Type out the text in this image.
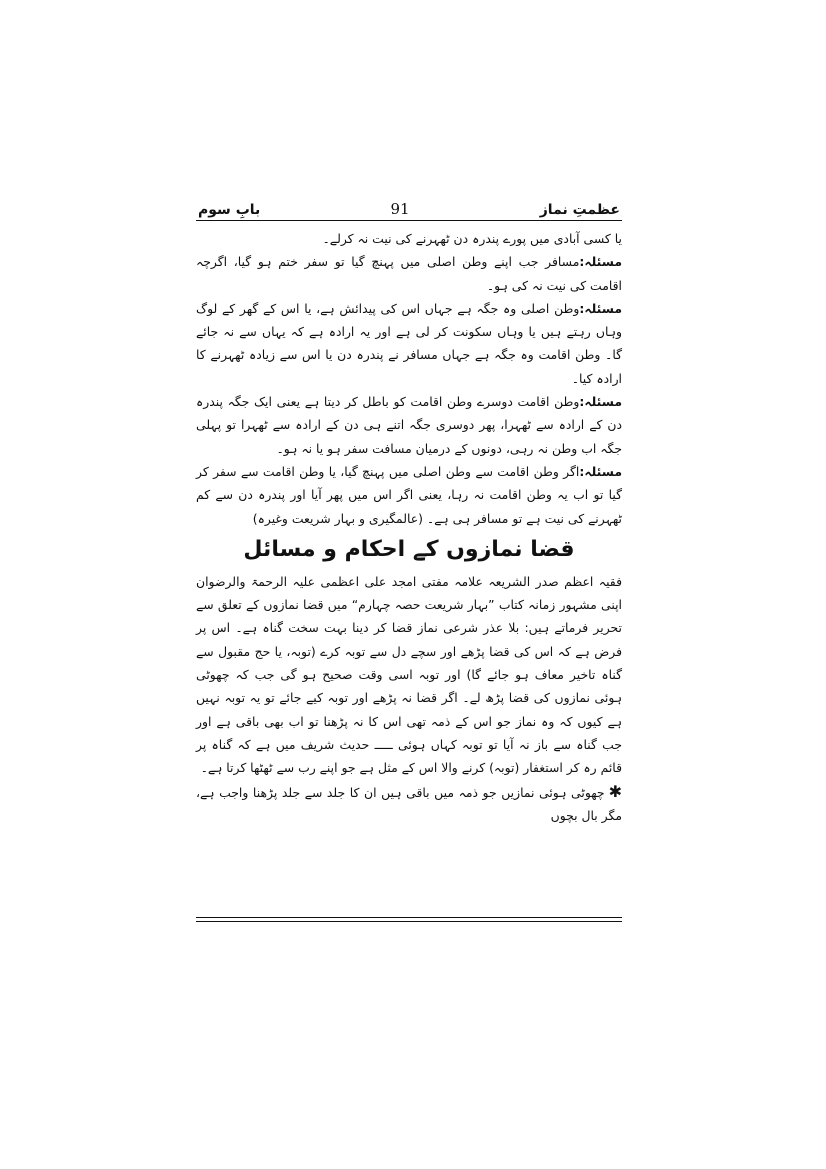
عظمتِ نماز
91
بابِ سوم

یا کسی آبادی میں پورے پندرہ دن ٹھہرنے کی نیت نہ کرلے۔

مسئلہ:مسافر جب اپنے وطن اصلی میں پہنچ گیا تو سفر ختم ہو گیا، اگرچہ اقامت کی نیت نہ کی ہو۔

مسئلہ:وطن اصلی وہ جگہ ہے جہاں اس کی پیدائش ہے، یا اس کے گھر کے لوگ وہاں رہتے ہیں یا وہاں سکونت کر لی ہے اور یہ ارادہ ہے کہ یہاں سے نہ جائے گا۔ وطن اقامت وہ جگہ ہے جہاں مسافر نے پندرہ دن یا اس سے زیادہ ٹھہرنے کا ارادہ کیا۔

مسئلہ:وطن اقامت دوسرے وطن اقامت کو باطل کر دیتا ہے یعنی ایک جگہ پندرہ دن کے ارادہ سے ٹھہرا، پھر دوسری جگہ اتنے ہی دن کے ارادہ سے ٹھہرا تو پہلی جگہ اب وطن نہ رہی، دونوں کے درمیان مسافت سفر ہو یا نہ ہو۔

مسئلہ:اگر وطن اقامت سے وطن اصلی میں پہنچ گیا، یا وطن اقامت سے سفر کر گیا تو اب یہ وطن اقامت نہ رہا، یعنی اگر اس میں پھر آیا اور پندرہ دن سے کم ٹھہرنے کی نیت ہے تو مسافر ہی ہے۔ (عالمگیری و بہار شریعت وغیرہ)

قضا نمازوں کے احکام و مسائل

فقیہ اعظم صدر الشریعہ علامہ مفتی امجد علی اعظمی علیہ الرحمۃ والرضوان اپنی مشہور زمانہ کتاب ”بہار شریعت حصہ چہارم“ میں قضا نمازوں کے تعلق سے تحریر فرماتے ہیں: بلا عذر شرعی نماز قضا کر دینا بہت سخت گناہ ہے۔ اس پر فرض ہے کہ اس کی قضا پڑھے اور سچے دل سے توبہ کرے (توبہ، یا حج مقبول سے گناہ تاخیر معاف ہو جائے گا) اور توبہ اسی وقت صحیح ہو گی جب کہ چھوٹی ہوئی نمازوں کی قضا پڑھ لے۔ اگر قضا نہ پڑھے اور توبہ کیے جائے تو یہ توبہ نہیں ہے کیوں کہ وہ نماز جو اس کے ذمہ تھی اس کا نہ پڑھنا تو اب بھی باقی ہے اور جب گناہ سے باز نہ آیا تو توبہ کہاں ہوئی ـــــ حدیث شریف میں ہے کہ گناہ پر قائم رہ کر استغفار (توبہ) کرنے والا اس کے مثل ہے جو اپنے رب سے ٹھٹھا کرتا ہے۔

✱چھوٹی ہوئی نمازیں جو ذمہ میں باقی ہیں ان کا جلد سے جلد پڑھنا واجب ہے، مگر بال بچوں
